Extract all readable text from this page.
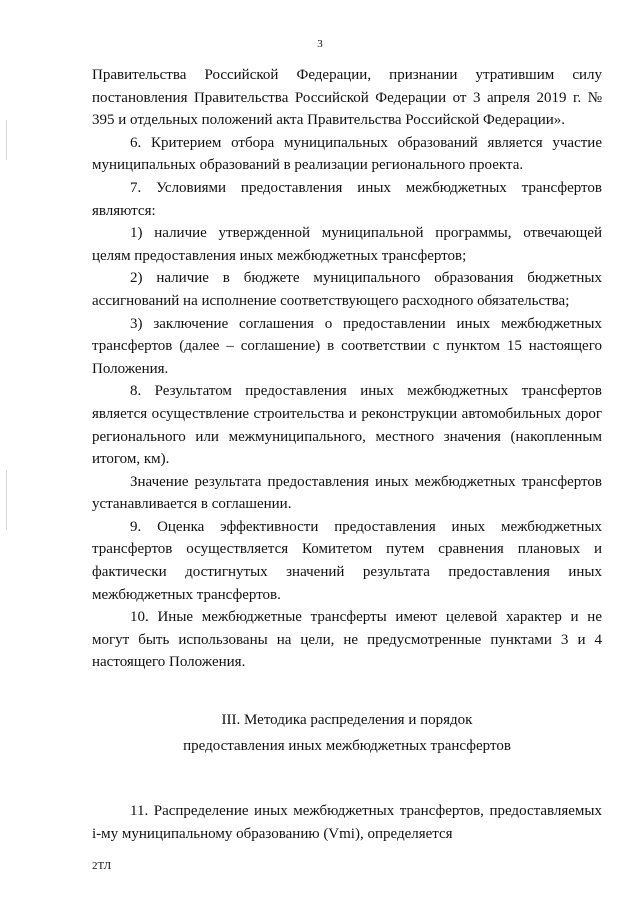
3

Правительства Российской Федерации, признании утратившим силу постановления Правительства Российской Федерации от 3 апреля 2019 г. № 395 и отдельных положений акта Правительства Российской Федерации».

6. Критерием отбора муниципальных образований является участие муниципальных образований в реализации регионального проекта.

7. Условиями предоставления иных межбюджетных трансфертов являются:

1) наличие утвержденной муниципальной программы, отвечающей целям предоставления иных межбюджетных трансфертов;

2) наличие в бюджете муниципального образования бюджетных ассигнований на исполнение соответствующего расходного обязательства;

3) заключение соглашения о предоставлении иных межбюджетных трансфертов (далее – соглашение) в соответствии с пунктом 15 настоящего Положения.

8. Результатом предоставления иных межбюджетных трансфертов является осуществление строительства и реконструкции автомобильных дорог регионального или межмуниципального, местного значения (накопленным итогом, км).

Значение результата предоставления иных межбюджетных трансфертов устанавливается в соглашении.

9. Оценка эффективности предоставления иных межбюджетных трансфертов осуществляется Комитетом путем сравнения плановых и фактически достигнутых значений результата предоставления иных межбюджетных трансфертов.

10. Иные межбюджетные трансферты имеют целевой характер и не могут быть использованы на цели, не предусмотренные пунктами 3 и 4 настоящего Положения.

III. Методика распределения и порядок
предоставления иных межбюджетных трансфертов

11. Распределение иных межбюджетных трансфертов, предоставляемых i-му муниципальному образованию (Vmi), определяется

2ТЛ
